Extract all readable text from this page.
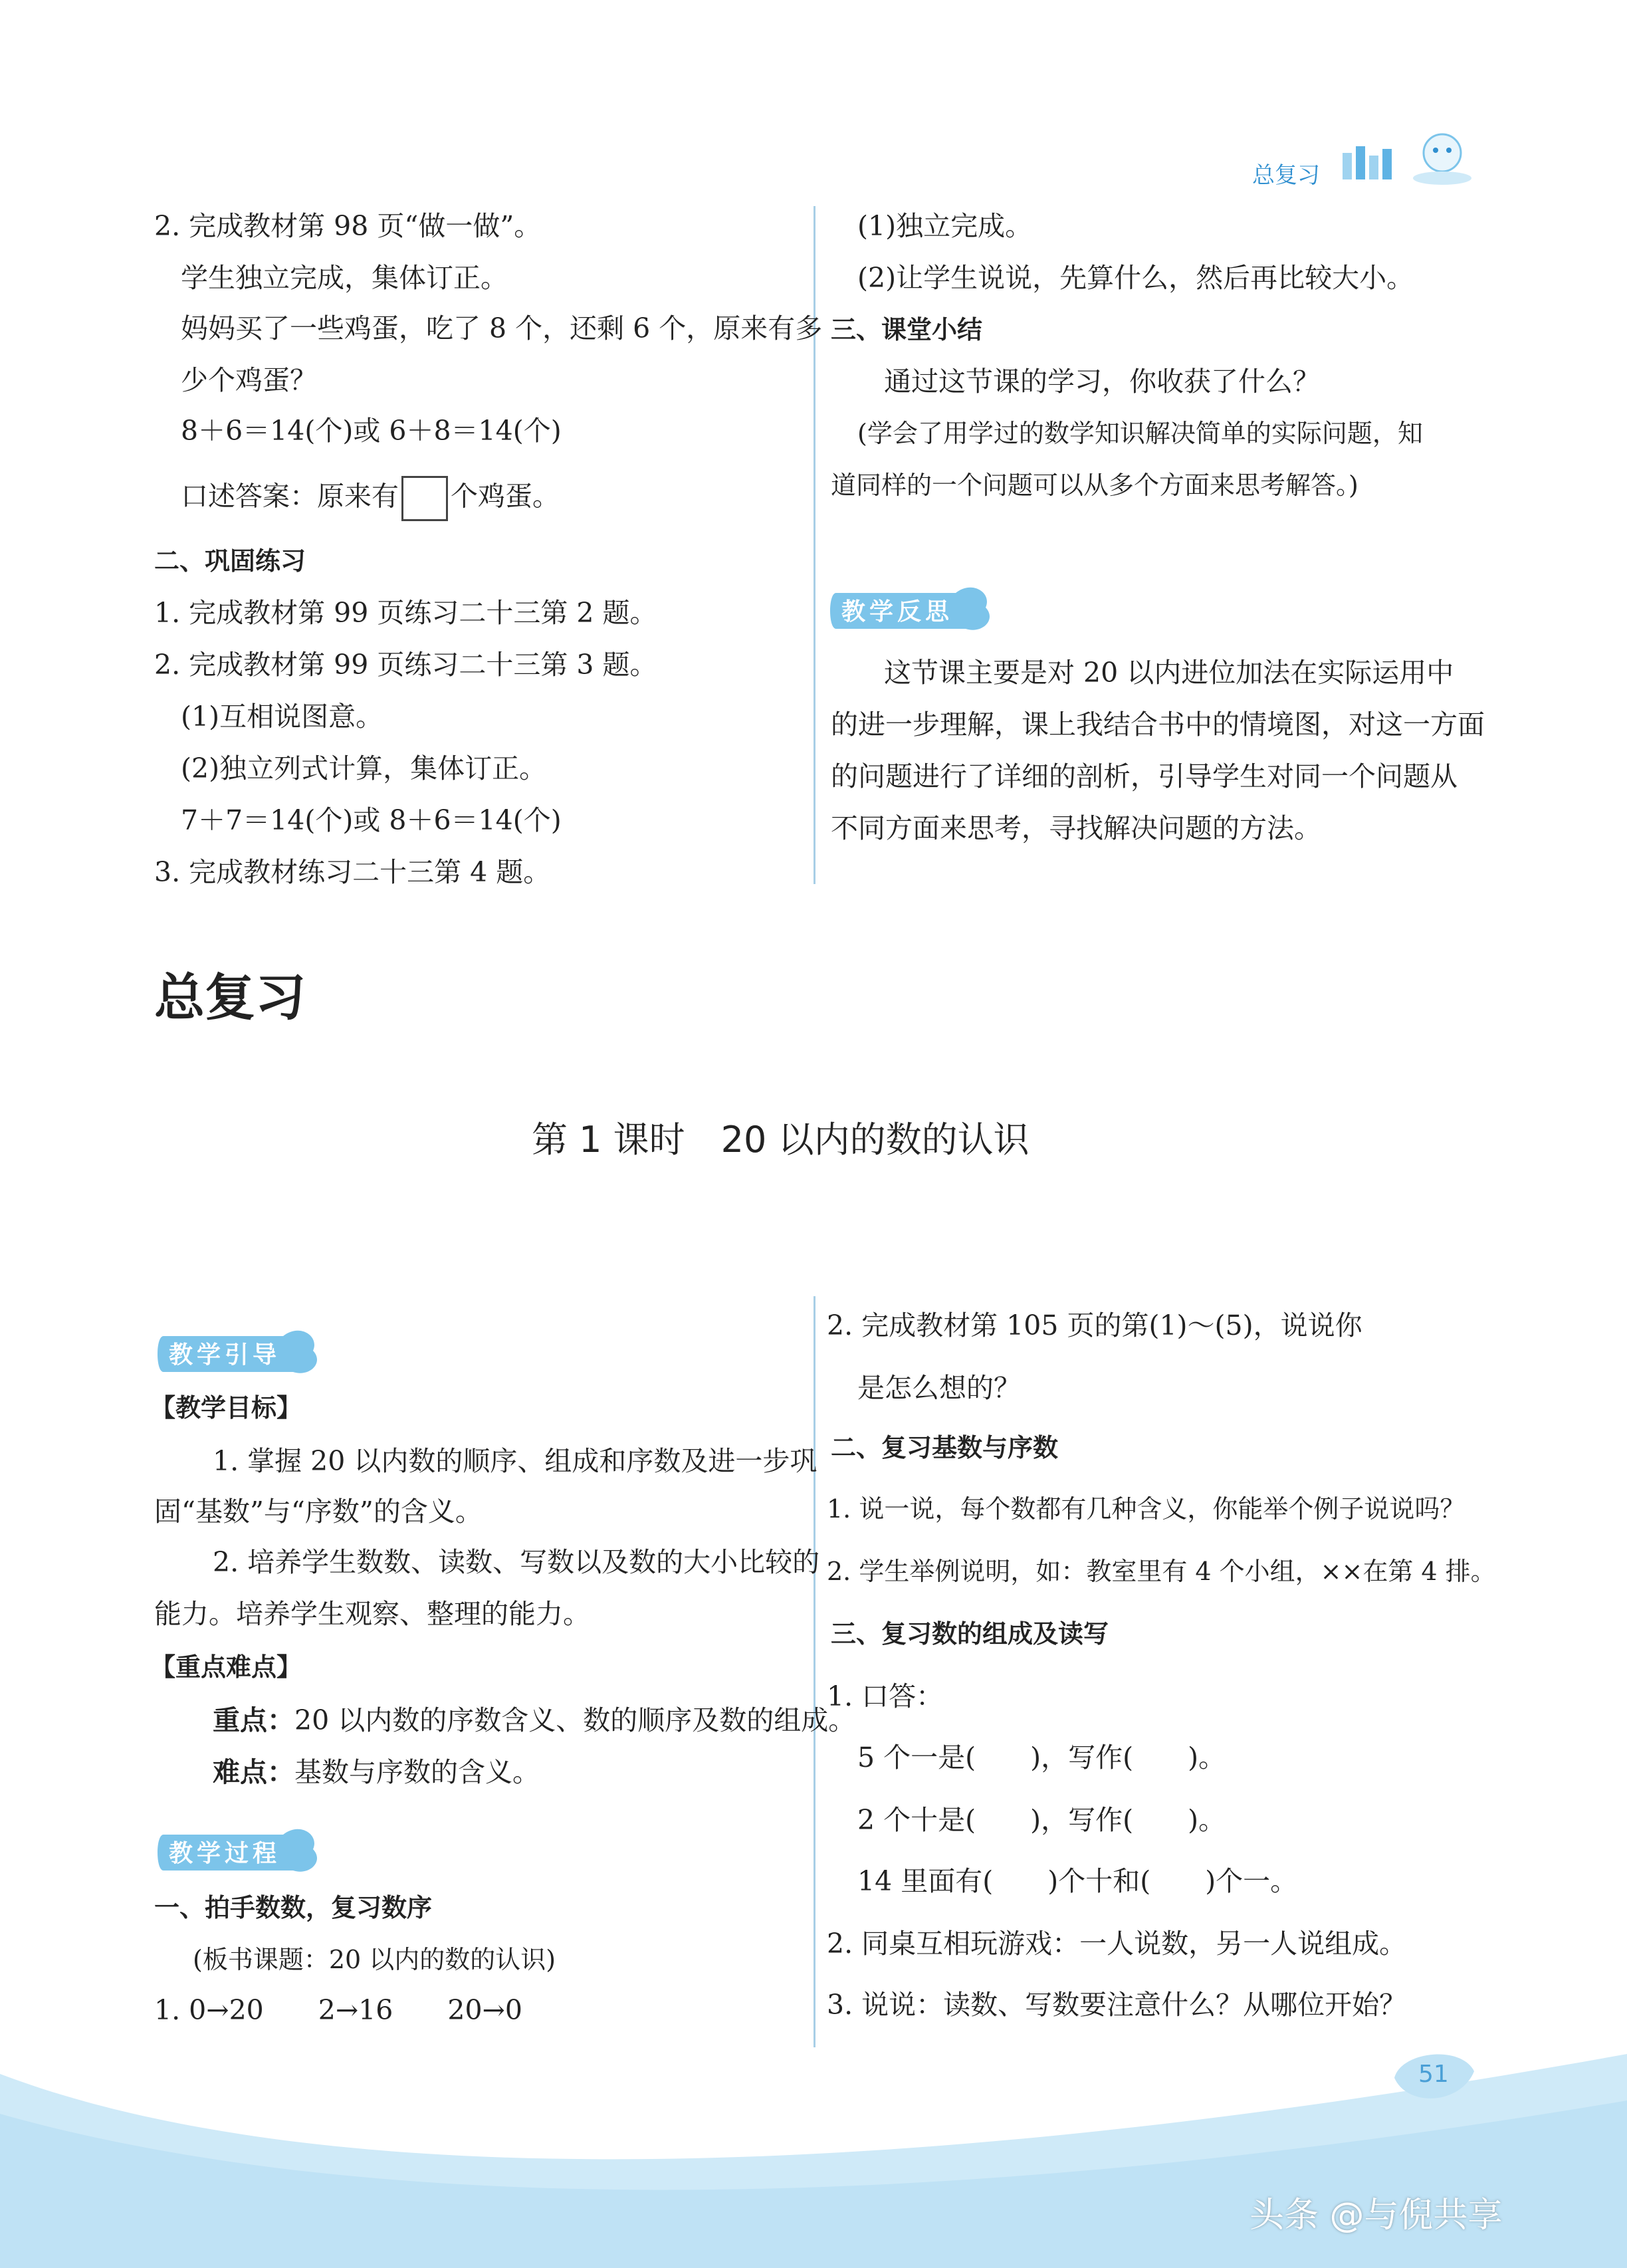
总复习
2. 完成教材第 98 页“做一做”。
学生独立完成，集体订正。
妈妈买了一些鸡蛋，吃了 8 个，还剩 6 个，原来有多
少个鸡蛋？
8＋6＝14(个)或 6＋8＝14(个)
口述答案：原来有 个鸡蛋。
二、巩固练习
1. 完成教材第 99 页练习二十三第 2 题。
2. 完成教材第 99 页练习二十三第 3 题。
(1)互相说图意。
(2)独立列式计算，集体订正。
7＋7＝14(个)或 8＋6＝14(个)
3. 完成教材练习二十三第 4 题。
(1)独立完成。
(2)让学生说说，先算什么，然后再比较大小。
三、课堂小结
通过这节课的学习，你收获了什么？
(学会了用学过的数学知识解决简单的实际问题，知
道同样的一个问题可以从多个方面来思考解答。)
教学反思
这节课主要是对 20 以内进位加法在实际运用中
的进一步理解，课上我结合书中的情境图，对这一方面
的问题进行了详细的剖析，引导学生对同一个问题从
不同方面来思考，寻找解决问题的方法。
总复习
第 1 课时　20 以内的数的认识
教学引导
【教学目标】
1. 掌握 20 以内数的顺序、组成和序数及进一步巩
固“基数”与“序数”的含义。
2. 培养学生数数、读数、写数以及数的大小比较的
能力。培养学生观察、整理的能力。
【重点难点】
重点：20 以内数的序数含义、数的顺序及数的组成。
难点：基数与序数的含义。
教学过程
一、拍手数数，复习数序
(板书课题：20 以内的数的认识)
1. 0→20　　2→16　　20→0
2. 完成教材第 105 页的第(1)～(5)，说说你
是怎么想的？
二、复习基数与序数
1. 说一说，每个数都有几种含义，你能举个例子说说吗？
2. 学生举例说明，如：教室里有 4 个小组，××在第 4 排。
三、复习数的组成及读写
1. 口答：
5 个一是(　　)，写作(　　)。
2 个十是(　　)，写作(　　)。
14 里面有(　　)个十和(　　)个一。
2. 同桌互相玩游戏：一人说数，另一人说组成。
3. 说说：读数、写数要注意什么？从哪位开始？
51
头条 @与倪共享
